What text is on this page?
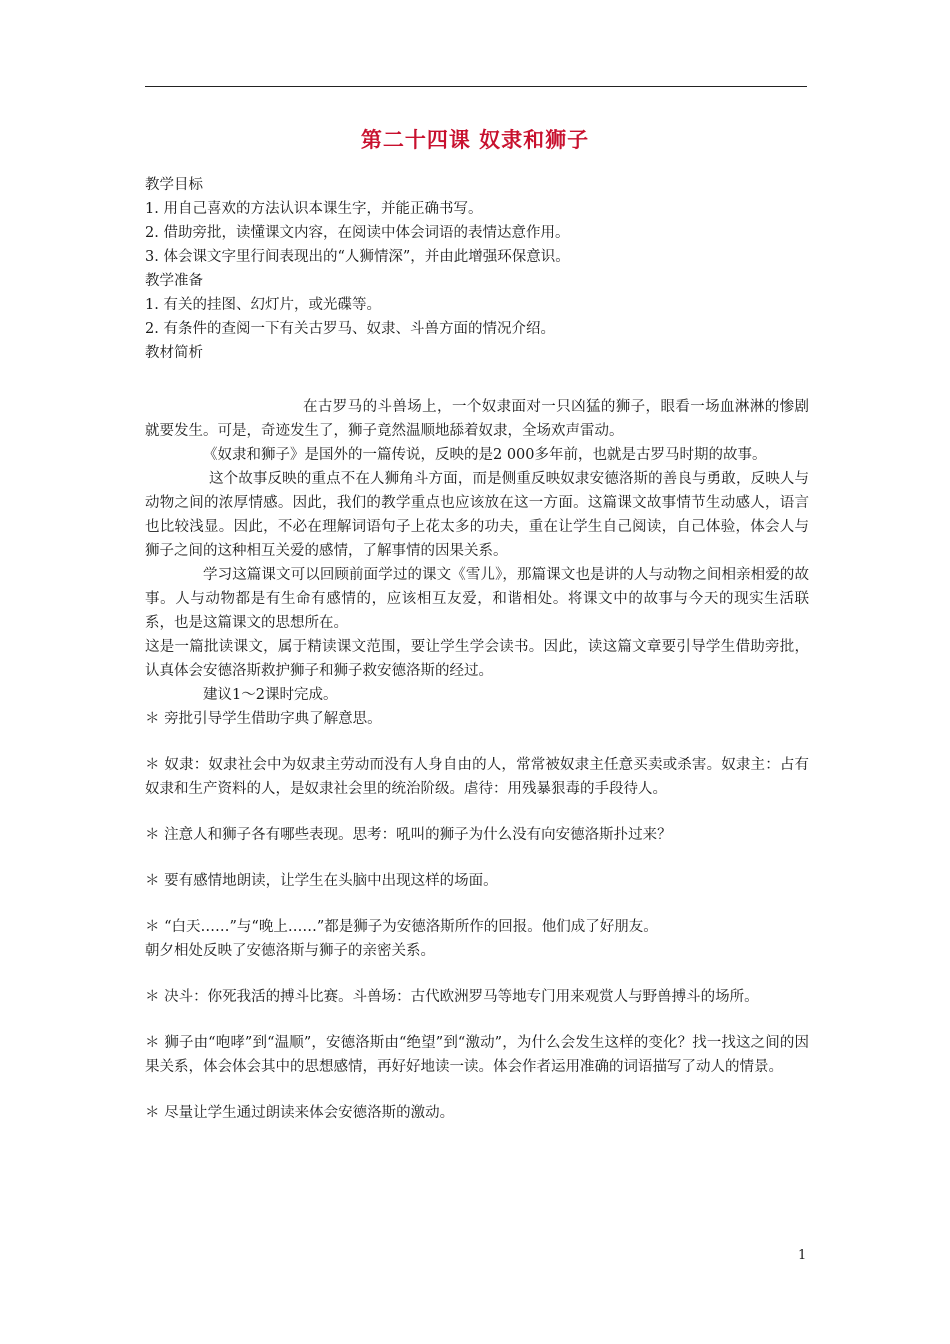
第二十四课 奴隶和狮子
教学目标
1. 用自己喜欢的方法认识本课生字，并能正确书写。
2. 借助旁批，读懂课文内容，在阅读中体会词语的表情达意作用。
3. 体会课文字里行间表现出的“人狮情深”，并由此增强环保意识。
教学准备
1. 有关的挂图、幻灯片，或光碟等。
2. 有条件的查阅一下有关古罗马、奴隶、斗兽方面的情况介绍。
教材简析
在古罗马的斗兽场上，一个奴隶面对一只凶猛的狮子，眼看一场血淋淋的惨剧就要发生。可是，奇迹发生了，狮子竟然温顺地舔着奴隶，全场欢声雷动。
《奴隶和狮子》是国外的一篇传说，反映的是2 000多年前，也就是古罗马时期的故事。
这个故事反映的重点不在人狮角斗方面，而是侧重反映奴隶安德洛斯的善良与勇敢，反映人与动物之间的浓厚情感。因此，我们的教学重点也应该放在这一方面。这篇课文故事情节生动感人，语言也比较浅显。因此，不必在理解词语句子上花太多的功夫，重在让学生自己阅读，自己体验，体会人与狮子之间的这种相互关爱的感情，了解事情的因果关系。
学习这篇课文可以回顾前面学过的课文《雪儿》，那篇课文也是讲的人与动物之间相亲相爱的故事。人与动物都是有生命有感情的，应该相互友爱，和谐相处。将课文中的故事与今天的现实生活联系，也是这篇课文的思想所在。
这是一篇批读课文，属于精读课文范围，要让学生学会读书。因此，读这篇文章要引导学生借助旁批，认真体会安德洛斯救护狮子和狮子救安德洛斯的经过。
建议1～2课时完成。
＊ 旁批引导学生借助字典了解意思。
＊ 奴隶：奴隶社会中为奴隶主劳动而没有人身自由的人，常常被奴隶主任意买卖或杀害。奴隶主：占有奴隶和生产资料的人，是奴隶社会里的统治阶级。虐待：用残暴狠毒的手段待人。
＊ 注意人和狮子各有哪些表现。思考：吼叫的狮子为什么没有向安德洛斯扑过来？
＊ 要有感情地朗读，让学生在头脑中出现这样的场面。
＊ “白天……”与“晚上……”都是狮子为安德洛斯所作的回报。他们成了好朋友。
朝夕相处反映了安德洛斯与狮子的亲密关系。
＊ 决斗：你死我活的搏斗比赛。斗兽场：古代欧洲罗马等地专门用来观赏人与野兽搏斗的场所。
＊ 狮子由“咆哮”到“温顺”，安德洛斯由“绝望”到“激动”，为什么会发生这样的变化？找一找这之间的因果关系，体会体会其中的思想感情，再好好地读一读。体会作者运用准确的词语描写了动人的情景。
＊ 尽量让学生通过朗读来体会安德洛斯的激动。
1
